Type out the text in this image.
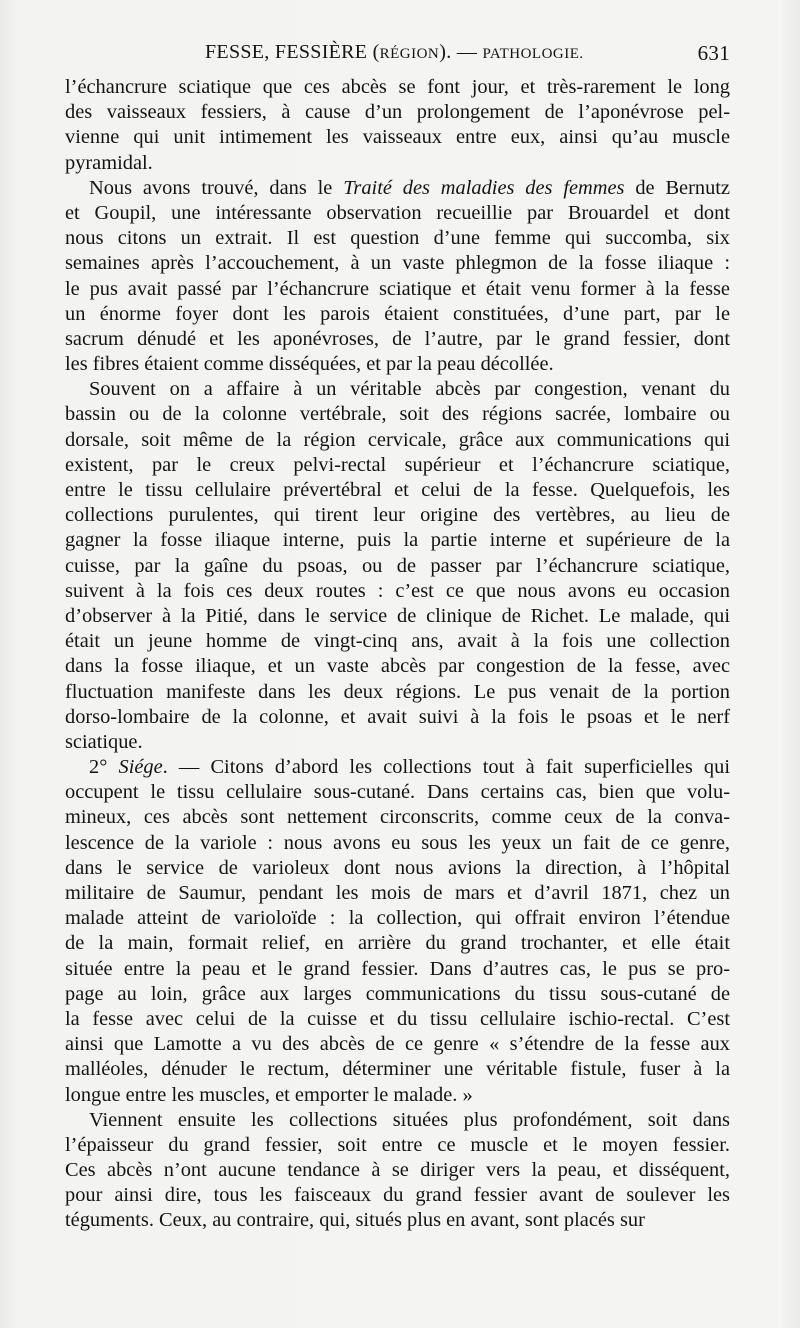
FESSE, FESSIÈRE (RÉGION). — PATHOLOGIE.	631
l’échancrure sciatique que ces abcès se font jour, et très-rarement le long
des vaisseaux fessiers, à cause d’un prolongement de l’aponévrose pel-
vienne qui unit intimement les vaisseaux entre eux, ainsi qu’au muscle
pyramidal.
Nous avons trouvé, dans le Traité des maladies des femmes de Bernutz
et Goupil, une intéressante observation recueillie par Brouardel et dont
nous citons un extrait. Il est question d’une femme qui succomba, six
semaines après l’accouchement, à un vaste phlegmon de la fosse iliaque :
le pus avait passé par l’échancrure sciatique et était venu former à la fesse
un énorme foyer dont les parois étaient constituées, d’une part, par le
sacrum dénudé et les aponévroses, de l’autre, par le grand fessier, dont
les fibres étaient comme disséquées, et par la peau décollée.
Souvent on a affaire à un véritable abcès par congestion, venant du
bassin ou de la colonne vertébrale, soit des régions sacrée, lombaire ou
dorsale, soit même de la région cervicale, grâce aux communications qui
existent, par le creux pelvi-rectal supérieur et l’échancrure sciatique,
entre le tissu cellulaire prévertébral et celui de la fesse. Quelquefois, les
collections purulentes, qui tirent leur origine des vertèbres, au lieu de
gagner la fosse iliaque interne, puis la partie interne et supérieure de la
cuisse, par la gaîne du psoas, ou de passer par l’échancrure sciatique,
suivent à la fois ces deux routes : c’est ce que nous avons eu occasion
d’observer à la Pitié, dans le service de clinique de Richet. Le malade, qui
était un jeune homme de vingt-cinq ans, avait à la fois une collection
dans la fosse iliaque, et un vaste abcès par congestion de la fesse, avec
fluctuation manifeste dans les deux régions. Le pus venait de la portion
dorso-lombaire de la colonne, et avait suivi à la fois le psoas et le nerf
sciatique.
2° Siége. — Citons d’abord les collections tout à fait superficielles qui
occupent le tissu cellulaire sous-cutané. Dans certains cas, bien que volu-
mineux, ces abcès sont nettement circonscrits, comme ceux de la conva-
lescence de la variole : nous avons eu sous les yeux un fait de ce genre,
dans le service de varioleux dont nous avions la direction, à l’hôpital
militaire de Saumur, pendant les mois de mars et d’avril 1871, chez un
malade atteint de varioloïde : la collection, qui offrait environ l’étendue
de la main, formait relief, en arrière du grand trochanter, et elle était
située entre la peau et le grand fessier. Dans d’autres cas, le pus se pro-
page au loin, grâce aux larges communications du tissu sous-cutané de
la fesse avec celui de la cuisse et du tissu cellulaire ischio-rectal. C’est
ainsi que Lamotte a vu des abcès de ce genre « s’étendre de la fesse aux
malléoles, dénuder le rectum, déterminer une véritable fistule, fuser à la
longue entre les muscles, et emporter le malade. »
Viennent ensuite les collections situées plus profondément, soit dans
l’épaisseur du grand fessier, soit entre ce muscle et le moyen fessier.
Ces abcès n’ont aucune tendance à se diriger vers la peau, et disséquent,
pour ainsi dire, tous les faisceaux du grand fessier avant de soulever les
téguments. Ceux, au contraire, qui, situés plus en avant, sont placés sur
